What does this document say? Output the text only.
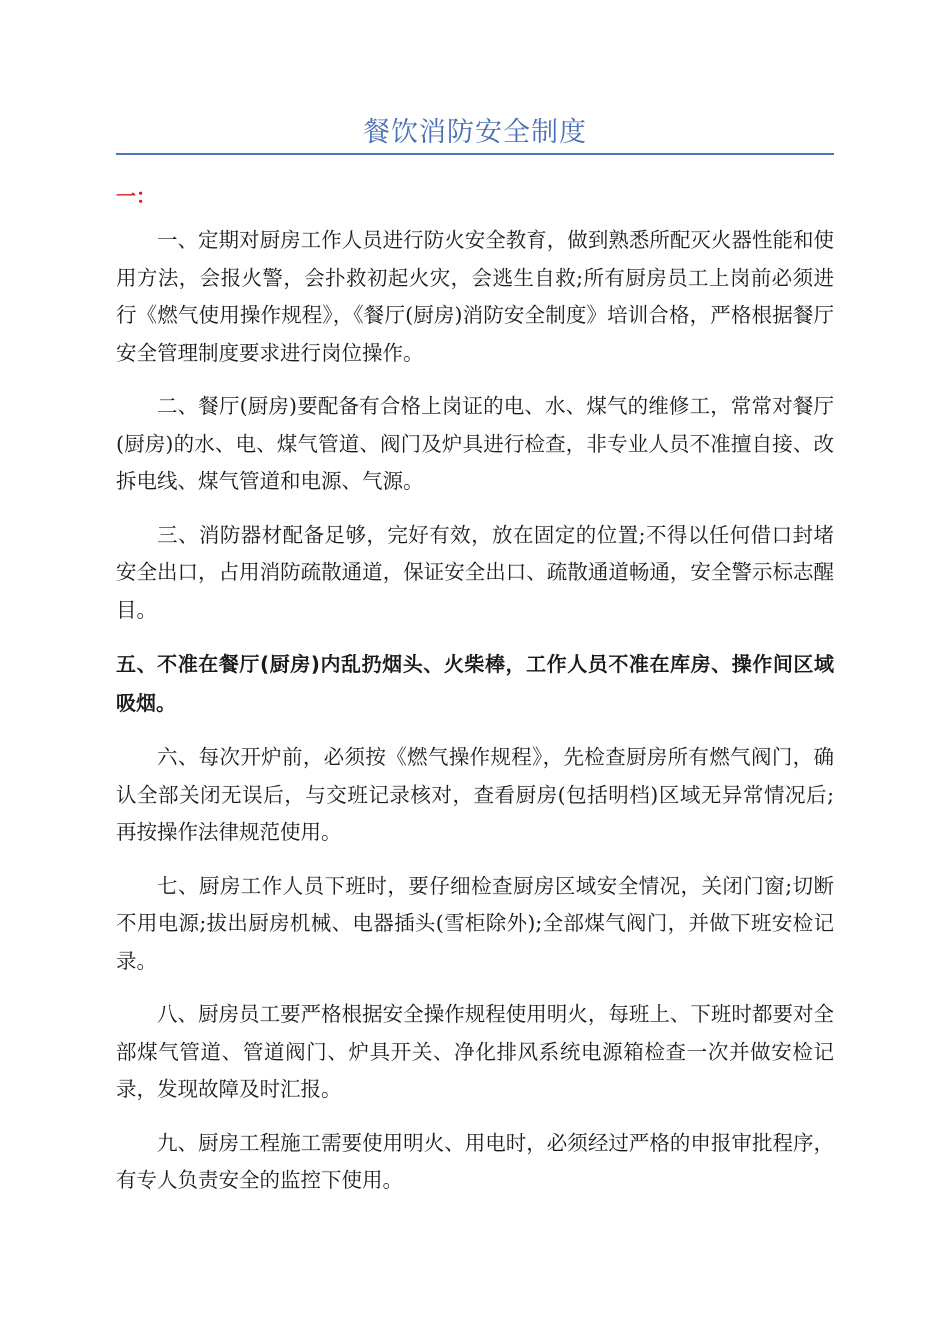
餐饮消防安全制度

一：

一、定期对厨房工作人员进行防火安全教育，做到熟悉所配灭火器性能和使用方法，会报火警，会扑救初起火灾，会逃生自救;所有厨房员工上岗前必须进行《燃气使用操作规程》，《餐厅(厨房)消防安全制度》培训合格，严格根据餐厅安全管理制度要求进行岗位操作。

二、餐厅(厨房)要配备有合格上岗证的电、水、煤气的维修工，常常对餐厅(厨房)的水、电、煤气管道、阀门及炉具进行检查，非专业人员不准擅自接、改拆电线、煤气管道和电源、气源。

三、消防器材配备足够，完好有效，放在固定的位置;不得以任何借口封堵安全出口，占用消防疏散通道，保证安全出口、疏散通道畅通，安全警示标志醒目。

五、不准在餐厅(厨房)内乱扔烟头、火柴棒，工作人员不准在库房、操作间区域吸烟。

六、每次开炉前，必须按《燃气操作规程》，先检查厨房所有燃气阀门，确认全部关闭无误后，与交班记录核对，查看厨房(包括明档)区域无异常情况后;再按操作法律规范使用。

七、厨房工作人员下班时，要仔细检查厨房区域安全情况，关闭门窗;切断不用电源;拔出厨房机械、电器插头(雪柜除外);全部煤气阀门，并做下班安检记录。

八、厨房员工要严格根据安全操作规程使用明火，每班上、下班时都要对全部煤气管道、管道阀门、炉具开关、净化排风系统电源箱检查一次并做安检记录，发现故障及时汇报。

九、厨房工程施工需要使用明火、用电时，必须经过严格的申报审批程序，有专人负责安全的监控下使用。
